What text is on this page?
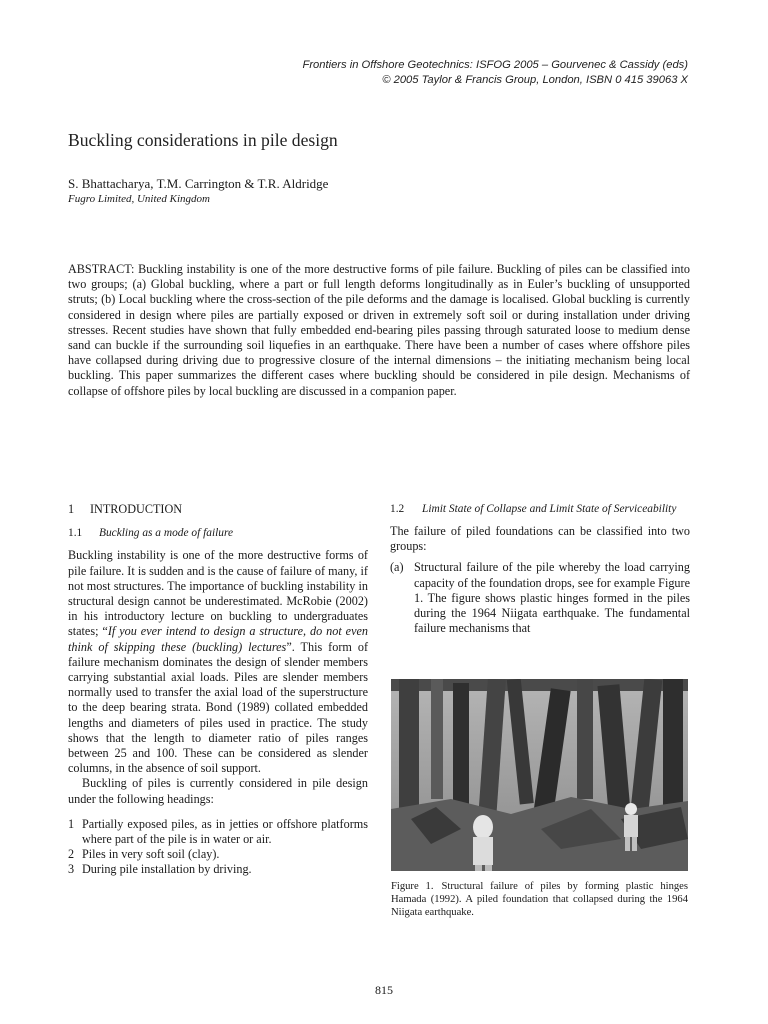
Frontiers in Offshore Geotechnics: ISFOG 2005 – Gourvenec & Cassidy (eds)
© 2005 Taylor & Francis Group, London, ISBN 0 415 39063 X
Buckling considerations in pile design
S. Bhattacharya, T.M. Carrington & T.R. Aldridge
Fugro Limited, United Kingdom

ABSTRACT: Buckling instability is one of the more destructive forms of pile failure. Buckling of piles can be classified into two groups; (a) Global buckling, where a part or full length deforms longitudinally as in Euler’s buckling of unsupported struts; (b) Local buckling where the cross-section of the pile deforms and the damage is localised. Global buckling is currently considered in design where piles are partially exposed or driven in extremely soft soil or during installation under driving stresses. Recent studies have shown that fully embedded end-bearing piles passing through saturated loose to medium dense sand can buckle if the surrounding soil liquefies in an earthquake. There have been a number of cases where offshore piles have collapsed during driving due to progressive closure of the internal dimensions – the initiating mechanism being local buckling. This paper summarizes the different cases where buckling should be considered in pile design. Mechanisms of collapse of offshore piles by local buckling are discussed in a companion paper.

1 INTRODUCTION
1.1 Buckling as a mode of failure

Buckling instability is one of the more destructive forms of pile failure. It is sudden and is the cause of failure of many, if not most structures. The importance of buckling instability in structural design cannot be underestimated. McRobie (2002) in his introductory lecture on buckling to undergraduates states; “If you ever intend to design a structure, do not even think of skipping these (buckling) lectures”. This form of failure mechanism dominates the design of slender members carrying substantial axial loads. Piles are slender members normally used to transfer the axial load of the superstructure to the deep bearing strata. Bond (1989) collated embedded lengths and diameters of piles used in practice. The study shows that the length to diameter ratio of piles ranges between 25 and 100. These can be considered as slender columns, in the absence of soil support.

Buckling of piles is currently considered in pile design under the following headings:

1 Partially exposed piles, as in jetties or offshore platforms where part of the pile is in water or air.
2 Piles in very soft soil (clay).
3 During pile installation by driving.
1.2 Limit State of Collapse and Limit State of Serviceability

The failure of piled foundations can be classified into two groups:

(a) Structural failure of the pile whereby the load carrying capacity of the foundation drops, see for example Figure 1. The figure shows plastic hinges formed in the piles during the 1964 Niigata earthquake. The fundamental failure mechanisms that

Figure 1. Structural failure of piles by forming plastic hinges Hamada (1992). A piled foundation that collapsed during the 1964 Niigata earthquake.

815
